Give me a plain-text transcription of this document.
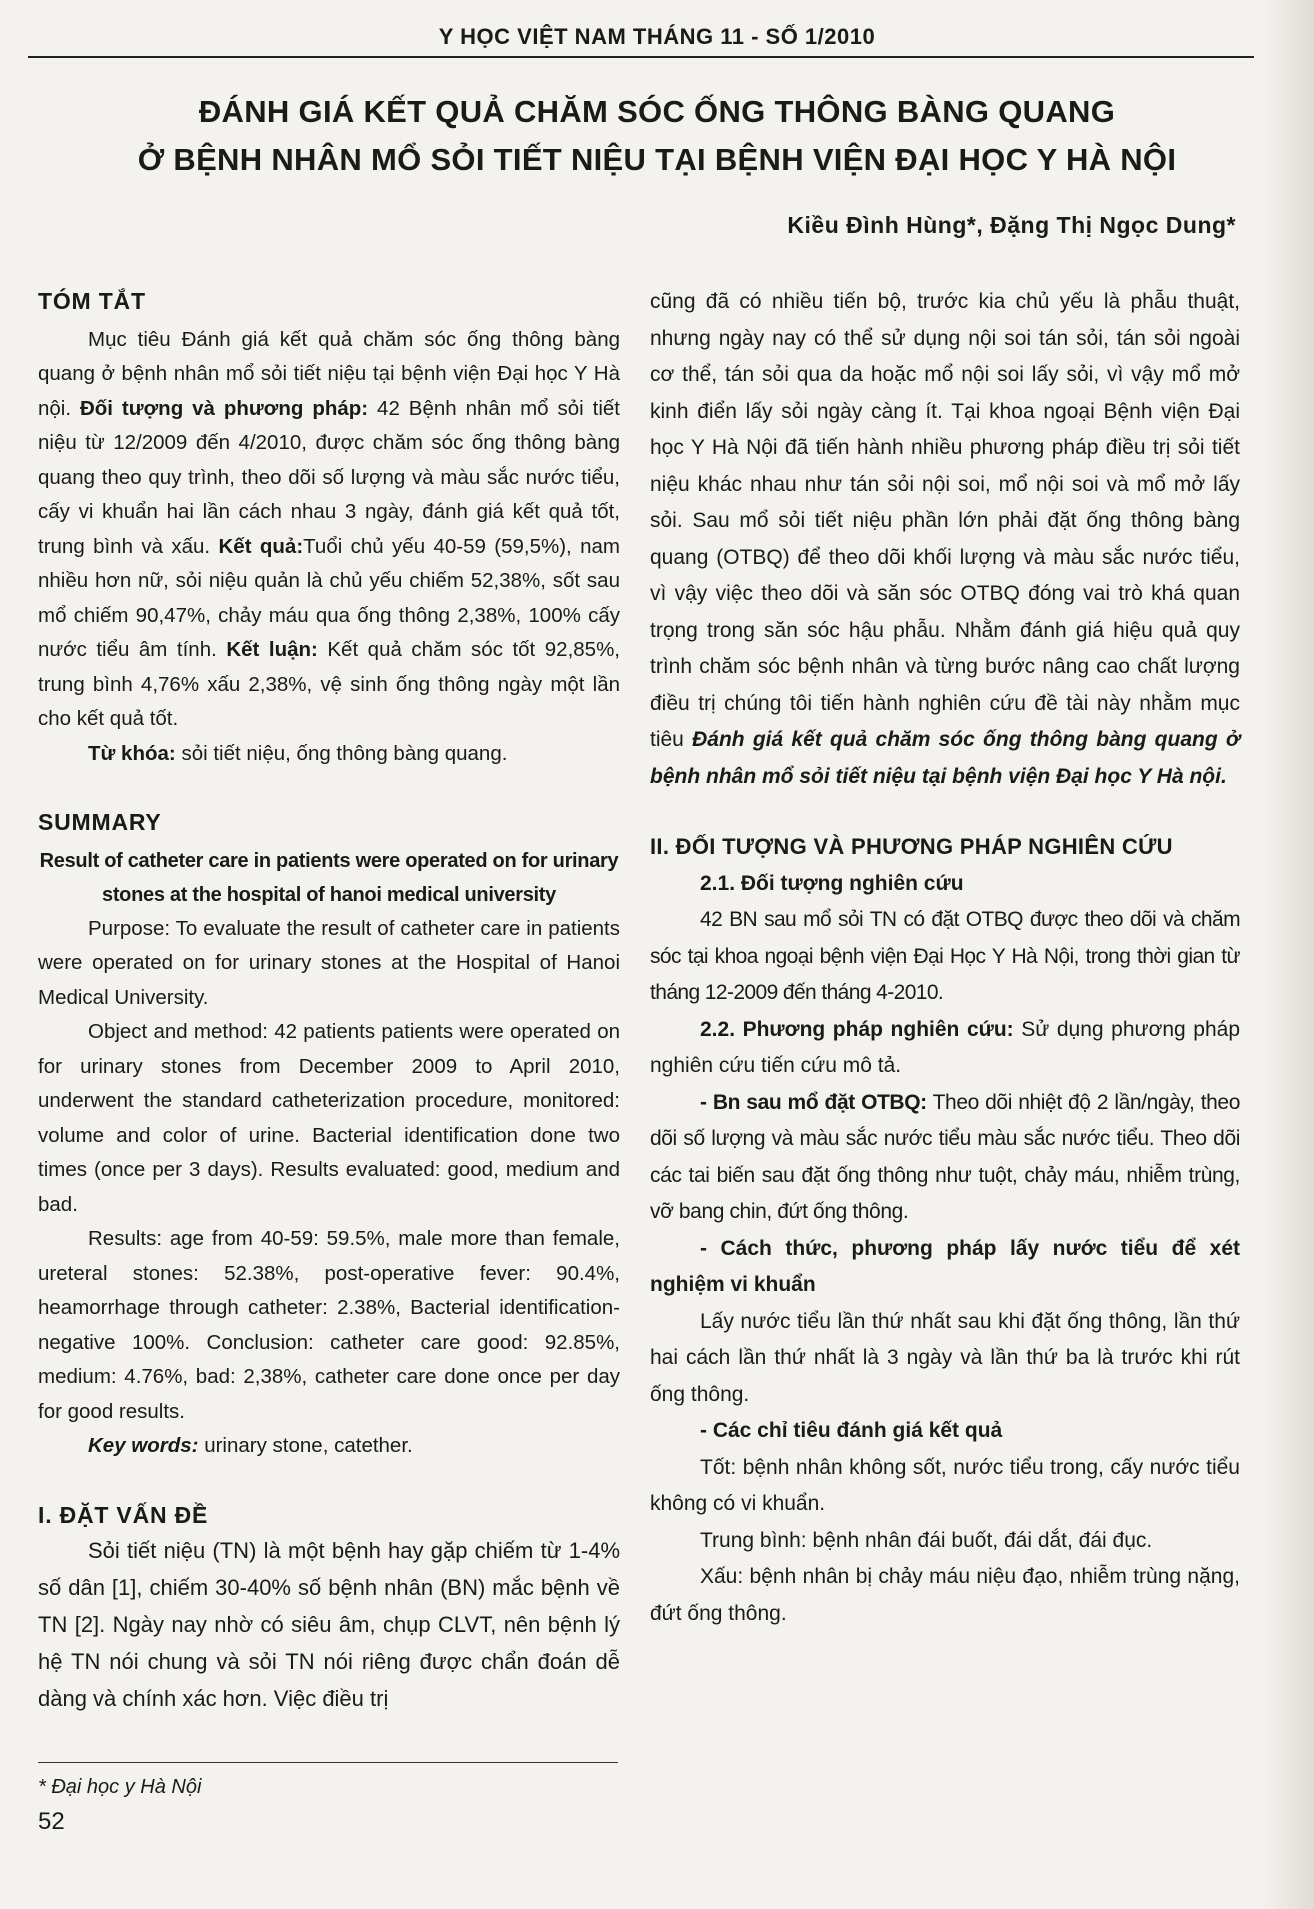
Y HỌC VIỆT NAM THÁNG 11 - SỐ 1/2010
ĐÁNH GIÁ KẾT QUẢ CHĂM SÓC ỐNG THÔNG BÀNG QUANG
Ở BỆNH NHÂN MỔ SỎI TIẾT NIỆU TẠI BỆNH VIỆN ĐẠI HỌC Y HÀ NỘI
Kiều Đình Hùng*, Đặng Thị Ngọc Dung*
TÓM TẮT

Mục tiêu Đánh giá kết quả chăm sóc ống thông bàng quang ở bệnh nhân mổ sỏi tiết niệu tại bệnh viện Đại học Y Hà nội. Đối tượng và phương pháp: 42 Bệnh nhân mổ sỏi tiết niệu từ 12/2009 đến 4/2010, được chăm sóc ống thông bàng quang theo quy trình, theo dõi số lượng và màu sắc nước tiểu, cấy vi khuẩn hai lần cách nhau 3 ngày, đánh giá kết quả tốt, trung bình và xấu. Kết quả:Tuổi chủ yếu 40-59 (59,5%), nam nhiều hơn nữ, sỏi niệu quản là chủ yếu chiếm 52,38%, sốt sau mổ chiếm 90,47%, chảy máu qua ống thông 2,38%, 100% cấy nước tiểu âm tính. Kết luận: Kết quả chăm sóc tốt 92,85%, trung bình 4,76% xấu 2,38%, vệ sinh ống thông ngày một lần cho kết quả tốt.

Từ khóa: sỏi tiết niệu, ống thông bàng quang.

SUMMARY
Result of catheter care in patients were operated on for urinary stones at the hospital of hanoi medical university

Purpose: To evaluate the result of catheter care in patients were operated on for urinary stones at the Hospital of Hanoi Medical University.

Object and method: 42 patients patients were operated on for urinary stones from December 2009 to April 2010, underwent the standard catheterization procedure, monitored: volume and color of urine. Bacterial identification done two times (once per 3 days). Results evaluated: good, medium and bad.

Results: age from 40-59: 59.5%, male more than female, ureteral stones: 52.38%, post-operative fever: 90.4%, heamorrhage through catheter: 2.38%, Bacterial identification- negative 100%. Conclusion: catheter care good: 92.85%, medium: 4.76%, bad: 2,38%, catheter care done once per day for good results.

Key words: urinary stone, catether.

I. ĐẶT VẤN ĐỀ

Sỏi tiết niệu (TN) là một bệnh hay gặp chiếm từ 1-4% số dân [1], chiếm 30-40% số bệnh nhân (BN) mắc bệnh về TN [2]. Ngày nay nhờ có siêu âm, chụp CLVT, nên bệnh lý hệ TN nói chung và sỏi TN nói riêng được chẩn đoán dễ dàng và chính xác hơn. Việc điều trị

cũng đã có nhiều tiến bộ, trước kia chủ yếu là phẫu thuật, nhưng ngày nay có thể sử dụng nội soi tán sỏi, tán sỏi ngoài cơ thể, tán sỏi qua da hoặc mổ nội soi lấy sỏi, vì vậy mổ mở kinh điển lấy sỏi ngày càng ít. Tại khoa ngoại Bệnh viện Đại học Y Hà Nội đã tiến hành nhiều phương pháp điều trị sỏi tiết niệu khác nhau như tán sỏi nội soi, mổ nội soi và mổ mở lấy sỏi. Sau mổ sỏi tiết niệu phần lớn phải đặt ống thông bàng quang (OTBQ) để theo dõi khối lượng và màu sắc nước tiểu, vì vậy việc theo dõi và săn sóc OTBQ đóng vai trò khá quan trọng trong săn sóc hậu phẫu. Nhằm đánh giá hiệu quả quy trình chăm sóc bệnh nhân và từng bước nâng cao chất lượng điều trị chúng tôi tiến hành nghiên cứu đề tài này nhằm mục tiêu Đánh giá kết quả chăm sóc ống thông bàng quang ở bệnh nhân mổ sỏi tiết niệu tại bệnh viện Đại học Y Hà nội.

II. ĐỐI TƯỢNG VÀ PHƯƠNG PHÁP NGHIÊN CỨU

2.1. Đối tượng nghiên cứu

42 BN sau mổ sỏi TN có đặt OTBQ được theo dõi và chăm sóc tại khoa ngoại bệnh viện Đại Học Y Hà Nội, trong thời gian từ tháng 12-2009 đến tháng 4-2010.

2.2. Phương pháp nghiên cứu: Sử dụng phương pháp nghiên cứu tiến cứu mô tả.

- Bn sau mổ đặt OTBQ: Theo dõi nhiệt độ 2 lần/ngày, theo dõi số lượng và màu sắc nước tiểu màu sắc nước tiểu. Theo dõi các tai biến sau đặt ống thông như tuột, chảy máu, nhiễm trùng, vỡ bang chin, đứt ống thông.

- Cách thức, phương pháp lấy nước tiểu để xét nghiệm vi khuẩn

Lấy nước tiểu lần thứ nhất sau khi đặt ống thông, lần thứ hai cách lần thứ nhất là 3 ngày và lần thứ ba là trước khi rút ống thông.

- Các chỉ tiêu đánh giá kết quả

Tốt: bệnh nhân không sốt, nước tiểu trong, cấy nước tiểu không có vi khuẩn.

Trung bình: bệnh nhân đái buốt, đái dắt, đái đục.

Xấu: bệnh nhân bị chảy máu niệu đạo, nhiễm trùng nặng, đứt ống thông.

* Đại học y Hà Nội
52
